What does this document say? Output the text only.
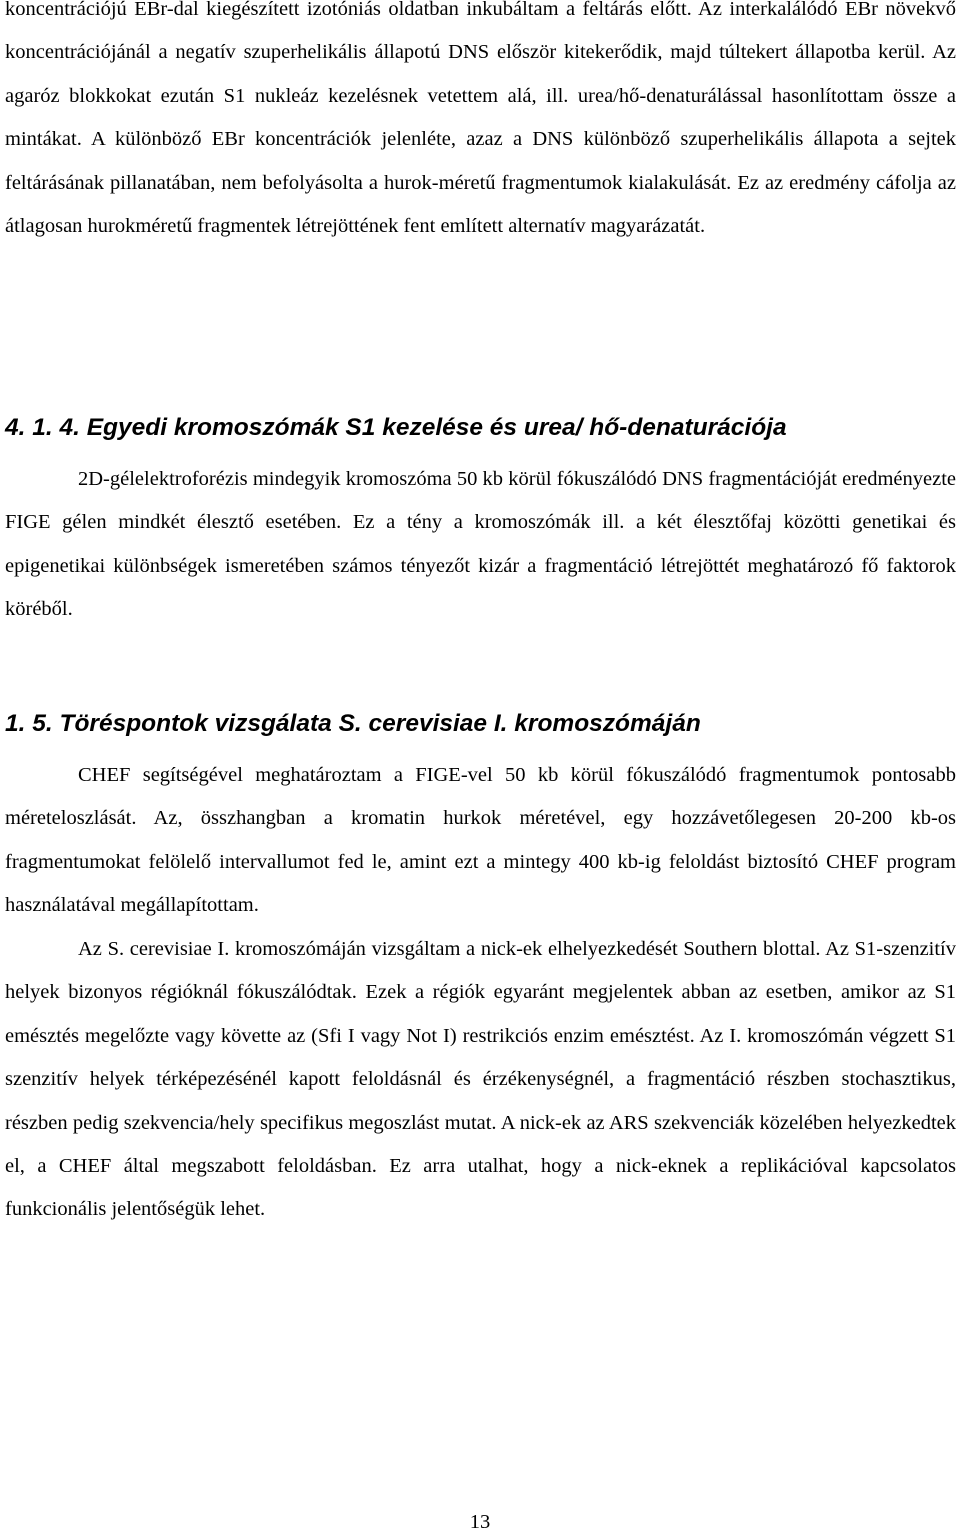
koncentrációjú EBr-dal kiegészített izotóniás oldatban inkubáltam a feltárás előtt. Az interkalálódó EBr növekvő koncentrációjánál a negatív szuperhelikális állapotú DNS először kitekerődik, majd túltekert állapotba kerül. Az agaróz blokkokat ezután S1 nukleáz kezelésnek vetettem alá, ill. urea/hő-denaturálással hasonlítottam össze a mintákat. A különböző EBr koncentrációk jelenléte, azaz a DNS különböző szuperhelikális állapota a sejtek feltárásának pillanatában, nem befolyásolta a hurok-méretű fragmentumok kialakulását. Ez az eredmény cáfolja az átlagosan hurokméretű fragmentek létrejöttének fent említett alternatív magyarázatát.

4. 1. 4. Egyedi kromoszómák S1 kezelése és urea/ hő-denaturációja

2D-gélelektroforézis mindegyik kromoszóma 50 kb körül fókuszálódó DNS fragmentációját eredményezte FIGE gélen mindkét élesztő esetében. Ez a tény a kromoszómák ill. a két élesztőfaj közötti genetikai és epigenetikai különbségek ismeretében számos tényezőt kizár a fragmentáció létrejöttét meghatározó fő faktorok köréből.

1. 5. Töréspontok vizsgálata S. cerevisiae I. kromoszómáján

CHEF segítségével meghatároztam a FIGE-vel 50 kb körül fókuszálódó fragmentumok pontosabb méreteloszlását. Az, összhangban a kromatin hurkok méretével, egy hozzávetőlegesen 20-200 kb-os fragmentumokat felölelő intervallumot fed le, amint ezt a mintegy 400 kb-ig feloldást biztosító CHEF program használatával megállapítottam.

Az S. cerevisiae I. kromoszómáján vizsgáltam a nick-ek elhelyezkedését Southern blottal. Az S1-szenzitív helyek bizonyos régióknál fókuszálódtak. Ezek a régiók egyaránt megjelentek abban az esetben, amikor az S1 emésztés megelőzte vagy követte az (Sfi I vagy Not I) restrikciós enzim emésztést. Az I. kromoszómán végzett S1 szenzitív helyek térképezésénél kapott feloldásnál és érzékenységnél, a fragmentáció részben stochasztikus, részben pedig szekvencia/hely specifikus megoszlást mutat. A nick-ek az ARS szekvenciák közelében helyezkedtek el, a CHEF által megszabott feloldásban. Ez arra utalhat, hogy a nick-eknek a replikációval kapcsolatos funkcionális jelentőségük lehet.

13
